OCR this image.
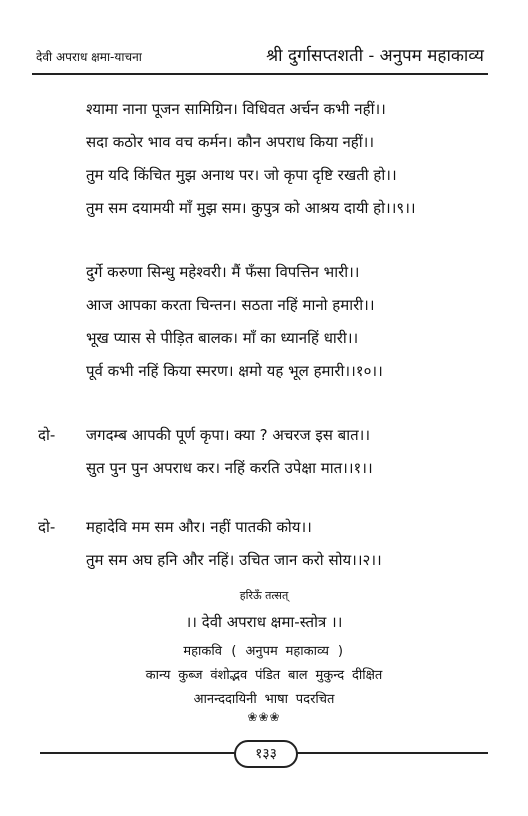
देवी अपराध क्षमा-याचना	श्री दुर्गासप्तशती - अनुपम महाकाव्य
श्यामा नाना पूजन सामिग्रिन। विधिवत अर्चन कभी नहीं।।
सदा कठोर भाव वच कर्मन। कौन अपराध किया नहीं।।
तुम यदि किंचित मुझ अनाथ पर। जो कृपा दृष्टि रखती हो।।
तुम सम दयामयी माँ मुझ सम। कुपुत्र को आश्रय दायी हो।।९।।
दुर्गे करुणा सिन्धु महेश्वरी। मैं फँसा विपत्तिन भारी।।
आज आपका करता चिन्तन। सठता नहिं मानो हमारी।।
भूख प्यास से पीड़ित बालक। माँ का ध्यानहिं धारी।।
पूर्व कभी नहिं किया स्मरण। क्षमो यह भूल हमारी।।१०।।
दो- जगदम्ब आपकी पूर्ण कृपा। क्या ? अचरज इस बात।।
सुत पुन पुन अपराध कर। नहिं करति उपेक्षा मात।।१।।
दो- महादेवि मम सम और। नहीं पातकी कोय।।
तुम सम अघ हनि और नहिं। उचित जान करो सोय।।२।।
हरिऊँ तत्सत्
।। देवी अपराध क्षमा-स्तोत्र ।।
महाकवि ( अनुपम महाकाव्य )
कान्य कुब्ज वंशोद्भव पंडित बाल मुकुन्द दीक्षित
आनन्ददायिनी भाषा पदरचित
❀❀❀
१३३
